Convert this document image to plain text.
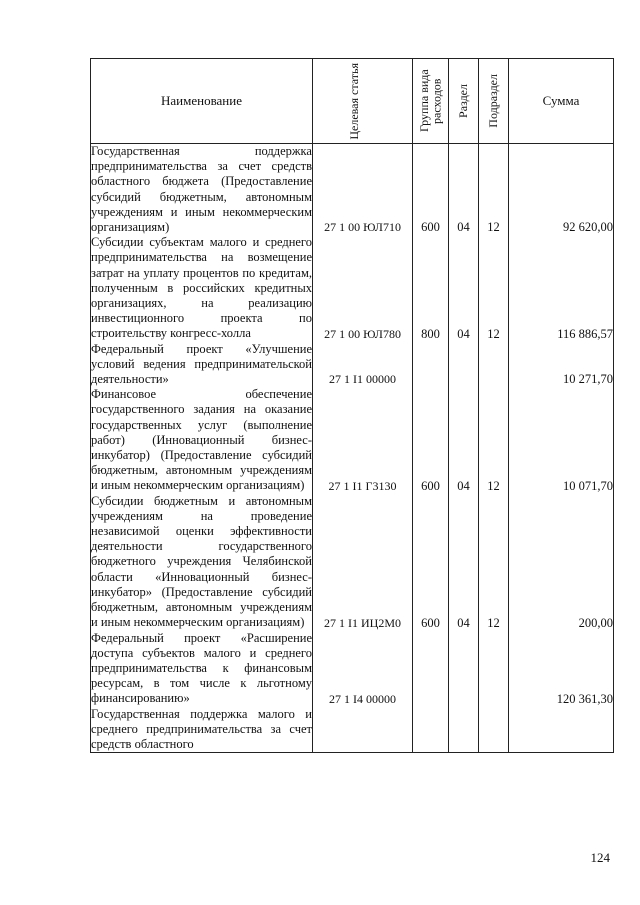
Наименование	Целевая статья	Группа вида расходов	Раздел	Подраздел	Сумма

Государственная поддержка предпринимательства за счет средств областного бюджета (Предоставление субсидий бюджетным, автономным учреждениям и иным некоммерческим организациям)	27 1 00 ЮЛ710	600	04	12	92 620,00
Субсидии субъектам малого и среднего предпринимательства на возмещение затрат на уплату процентов по кредитам, полученным в российских кредитных организациях, на реализацию инвестиционного проекта по строительству конгресс-холла	27 1 00 ЮЛ780	800	04	12	116 886,57
Федеральный проект «Улучшение условий ведения предпринимательской деятельности»	27 1 I1 00000				10 271,70
Финансовое обеспечение государственного задания на оказание государственных услуг (выполнение работ) (Инновационный бизнес-инкубатор) (Предоставление субсидий бюджетным, автономным учреждениям и иным некоммерческим организациям)	27 1 I1 Г3130	600	04	12	10 071,70
Субсидии бюджетным и автономным учреждениям на проведение независимой оценки эффективности деятельности государственного бюджетного учреждения Челябинской области «Инновационный бизнес-инкубатор» (Предоставление субсидий бюджетным, автономным учреждениям и иным некоммерческим организациям)	27 1 I1 ИЦ2М0	600	04	12	200,00
Федеральный проект «Расширение доступа субъектов малого и среднего предпринимательства к финансовым ресурсам, в том числе к льготному финансированию»	27 1 I4 00000				120 361,30
Государственная поддержка малого и среднего предпринимательства за счет средств областного					
124
